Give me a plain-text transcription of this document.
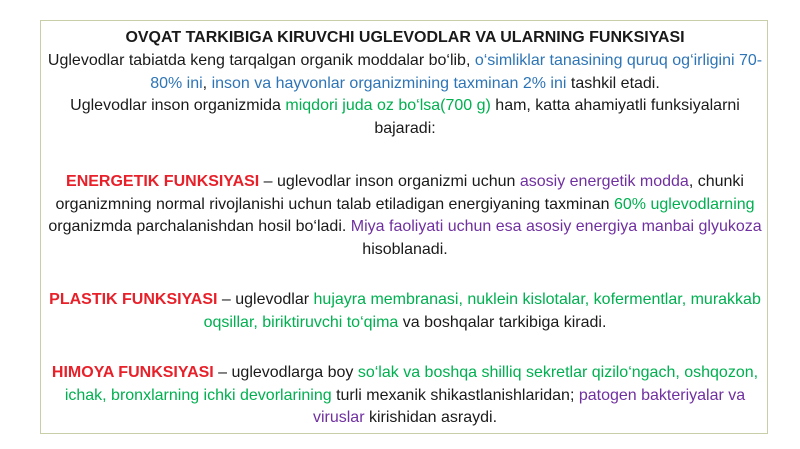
OVQAT TARKIBIGA KIRUVCHI UGLEVODLAR VA ULARNING FUNKSIYASI
Uglevodlar tabiatda keng tarqalgan organik moddalar bo‘lib, o‘simliklar tanasining quruq og‘irligini 70-80% ini, inson va hayvonlar organizmining taxminan 2% ini tashkil etadi.
Uglevodlar inson organizmida miqdori juda oz bo‘lsa(700 g) ham, katta ahamiyatli funksiyalarni bajaradi:
ENERGETIK FUNKSIYASI – uglevodlar inson organizmi uchun asosiy energetik modda, chunki organizmning normal rivojlanishi uchun talab etiladigan energiyaning taxminan 60% uglevodlarning organizmda parchalanishdan hosil bo‘ladi. Miya faoliyati uchun esa asosiy energiya manbai glyukoza hisoblanadi.
PLASTIK FUNKSIYASI – uglevodlar hujayra membranasi, nuklein kislotalar, kofermentlar, murakkab oqsillar, biriktiruvchi to‘qima va boshqalar tarkibiga kiradi.
HIMOYA FUNKSIYASI – uglevodlarga boy so‘lak va boshqa shilliq sekretlar qizilo‘ngach, oshqozon, ichak, bronxlarning ichki devorlarining turli mexanik shikastlanishlaridan; patogen bakteriyalar va viruslar kirishidan asraydi.
